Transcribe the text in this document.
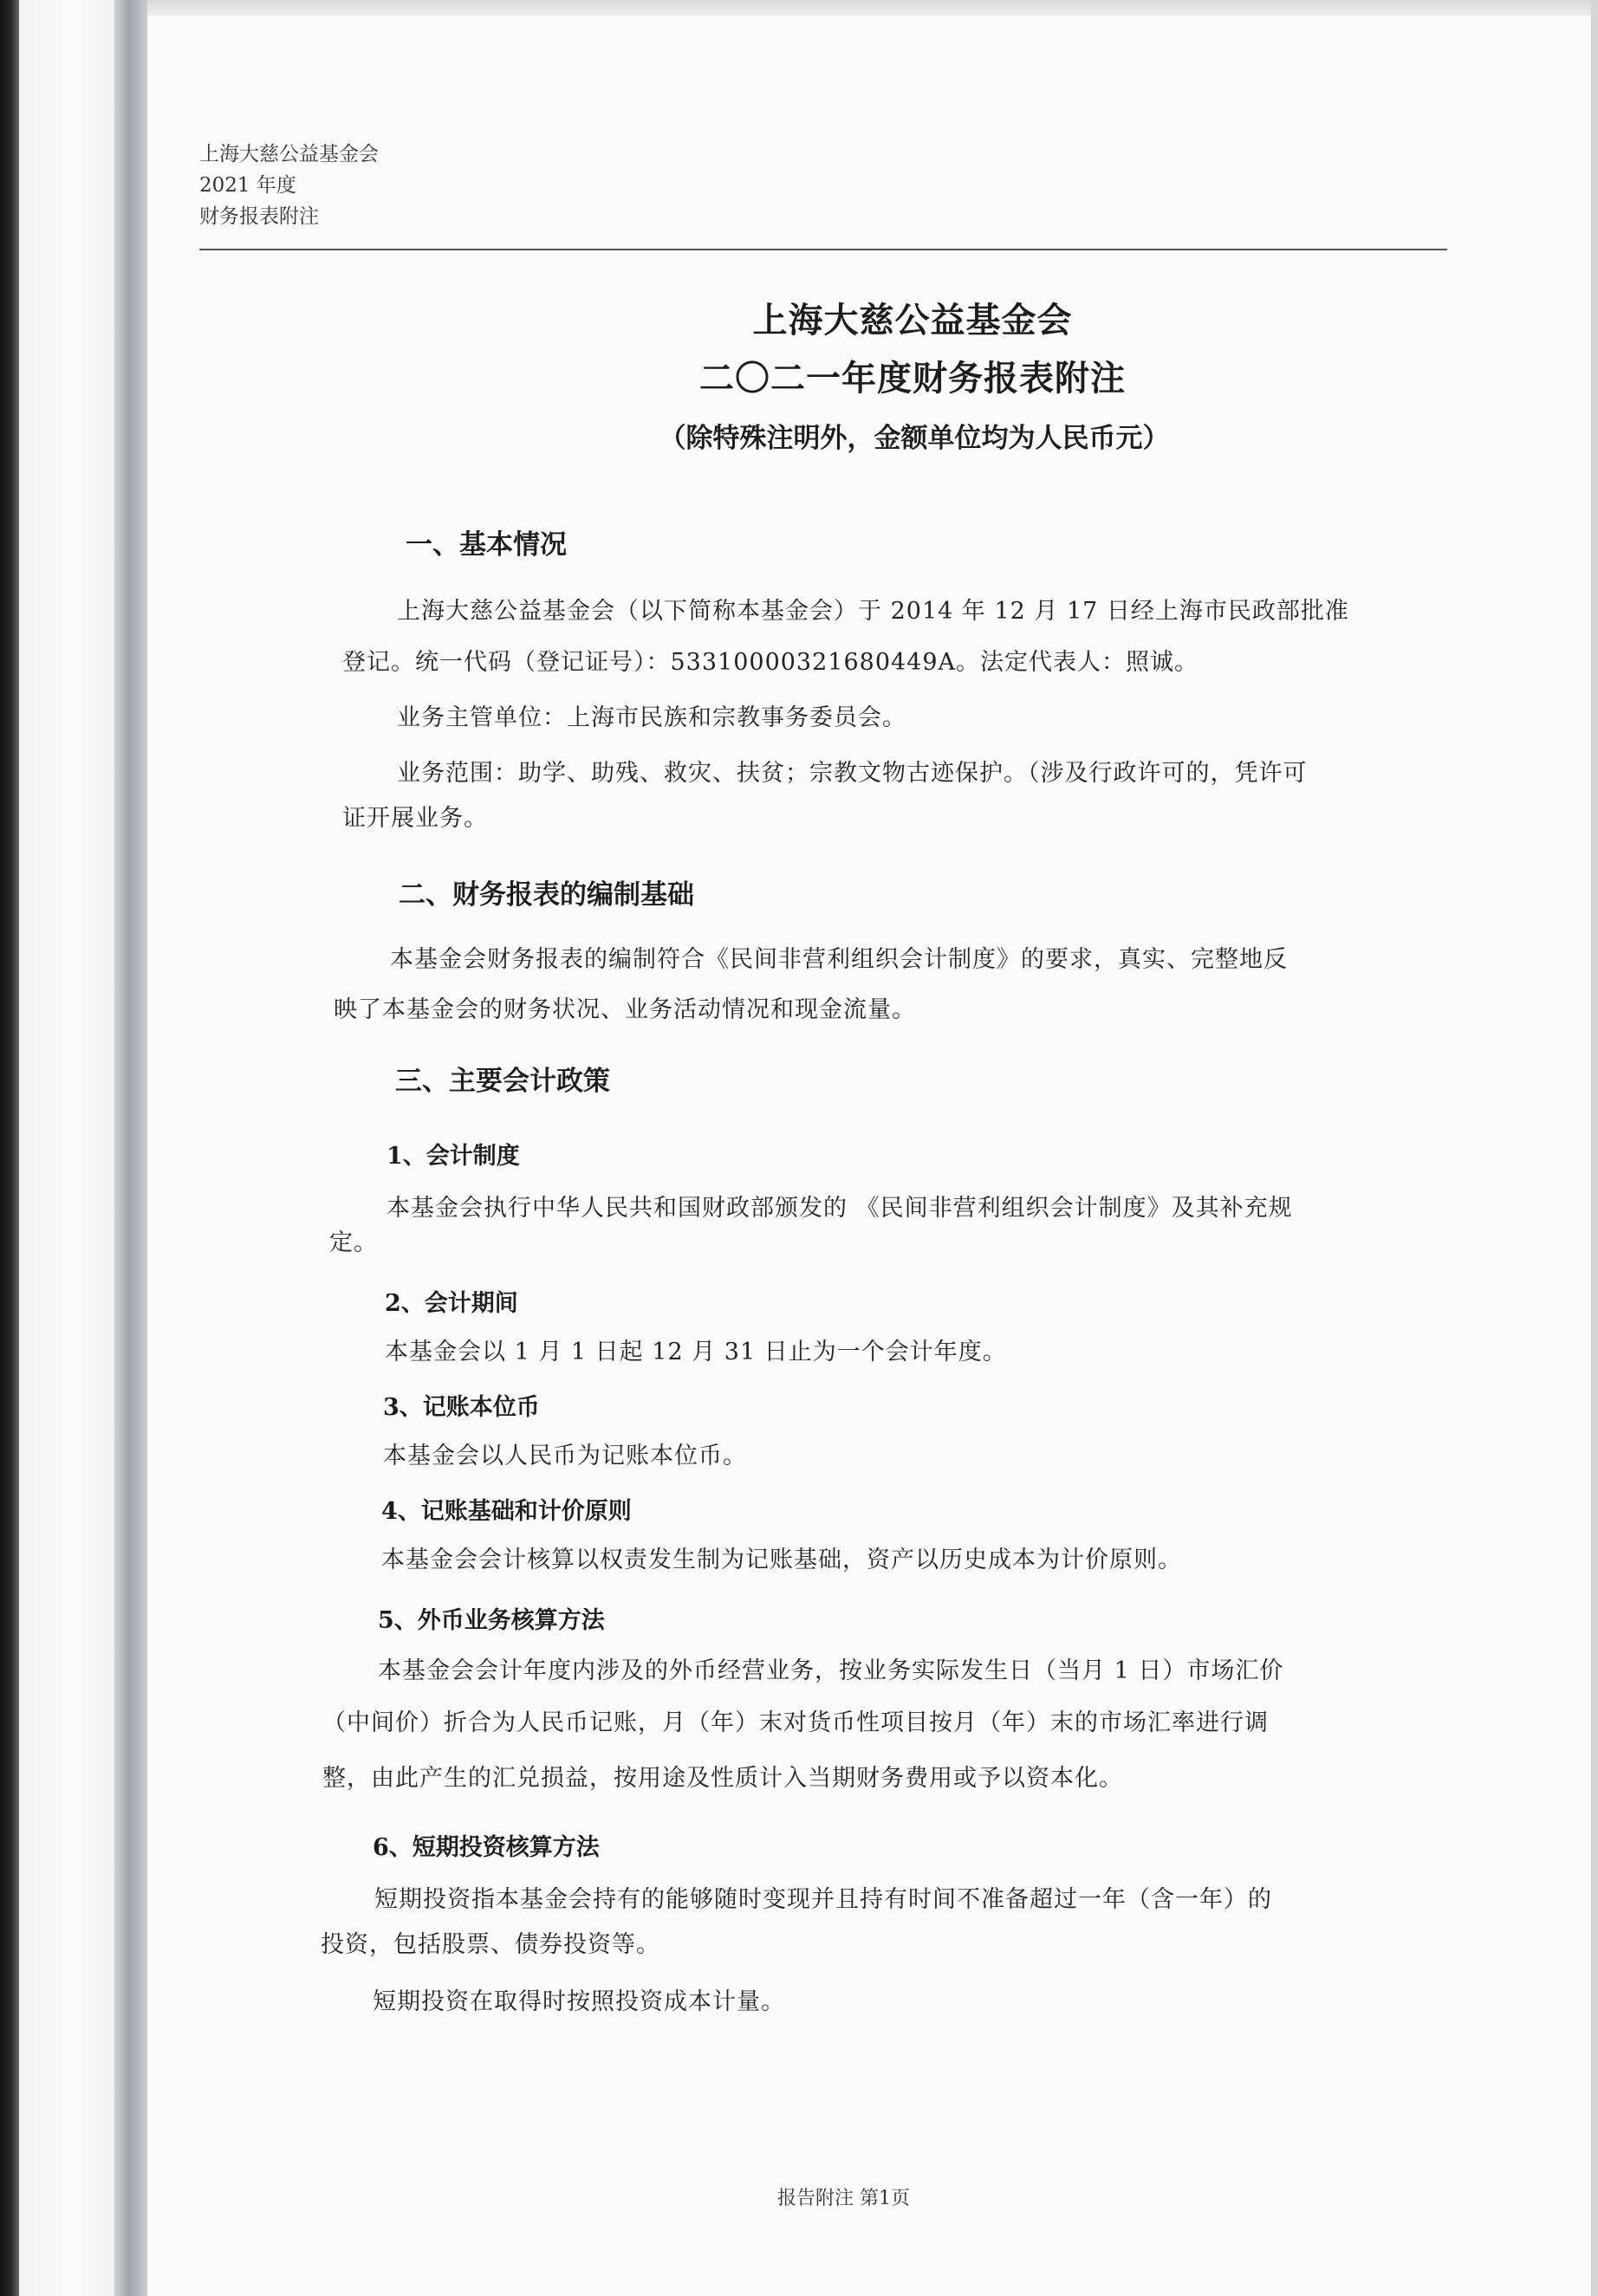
上海大慈公益基金会
2021 年度
财务报表附注
上海大慈公益基金会
二〇二一年度财务报表附注
（除特殊注明外，金额单位均为人民币元）
一、基本情况
上海大慈公益基金会（以下简称本基金会）于 2014 年 12 月 17 日经上海市民政部批准
登记。统一代码（登记证号）：53310000321680449A。法定代表人：照诚。
业务主管单位：上海市民族和宗教事务委员会。
业务范围：助学、助残、救灾、扶贫；宗教文物古迹保护。（涉及行政许可的，凭许可
证开展业务。
二、财务报表的编制基础
本基金会财务报表的编制符合《民间非营利组织会计制度》的要求，真实、完整地反
映了本基金会的财务状况、业务活动情况和现金流量。
三、主要会计政策
1、会计制度
本基金会执行中华人民共和国财政部颁发的 《民间非营利组织会计制度》及其补充规
定。
2、会计期间
本基金会以 1 月 1 日起 12 月 31 日止为一个会计年度。
3、记账本位币
本基金会以人民币为记账本位币。
4、记账基础和计价原则
本基金会会计核算以权责发生制为记账基础，资产以历史成本为计价原则。
5、外币业务核算方法
本基金会会计年度内涉及的外币经营业务，按业务实际发生日（当月 1 日）市场汇价
（中间价）折合为人民币记账，月（年）末对货币性项目按月（年）末的市场汇率进行调
整，由此产生的汇兑损益，按用途及性质计入当期财务费用或予以资本化。
6、短期投资核算方法
短期投资指本基金会持有的能够随时变现并且持有时间不准备超过一年（含一年）的
投资，包括股票、债券投资等。
短期投资在取得时按照投资成本计量。
报告附注 第1页
